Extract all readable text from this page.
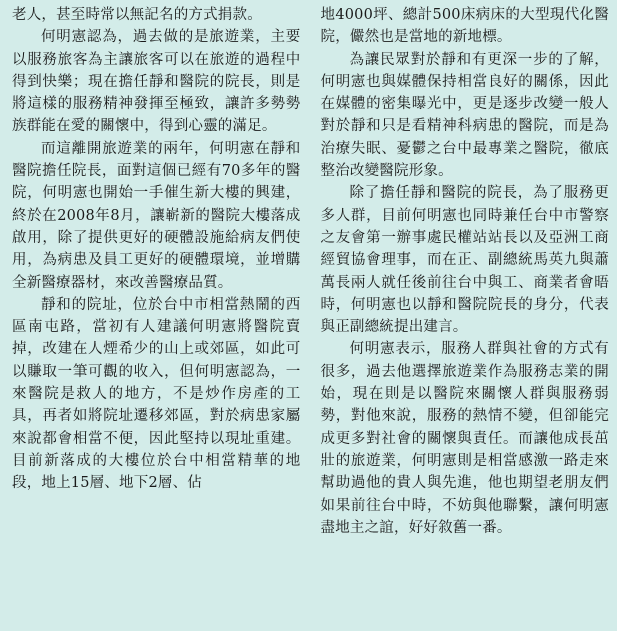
老人，甚至時常以無記名的方式捐款。

何明憲認為，過去做的是旅遊業，主要以服務旅客為主讓旅客可以在旅遊的過程中得到快樂；現在擔任靜和醫院的院長，則是將這樣的服務精神發揮至極致，讓許多勢勢族群能在愛的關懷中，得到心靈的滿足。

而這離開旅遊業的兩年，何明憲在靜和醫院擔任院長，面對這個已經有70多年的醫院，何明憲也開始一手催生新大樓的興建，終於在2008年8月，讓嶄新的醫院大樓落成啟用，除了提供更好的硬體設施給病友們使用，為病患及員工更好的硬體環境，並增購全新醫療器材，來改善醫療品質。

靜和的院址，位於台中市相當熱鬧的西區南屯路，當初有人建議何明憲將醫院賣掉，改建在人煙希少的山上或郊區，如此可以賺取一筆可觀的收入，但何明憲認為，一來醫院是救人的地方，不是炒作房產的工具，再者如將院址遷移郊區，對於病患家屬來說都會相當不便，因此堅持以現址重建。目前新落成的大樓位於台中相當精華的地段，地上15層、地下2層、佔

地4000坪、總計500床病床的大型現代化醫院，儼然也是當地的新地標。

為讓民眾對於靜和有更深一步的了解，何明憲也與媒體保持相當良好的關係，因此在媒體的密集曝光中，更是逐步改變一般人對於靜和只是看精神科病患的醫院，而是為治療失眠、憂鬱之台中最專業之醫院，徹底整治改變醫院形象。

除了擔任靜和醫院的院長，為了服務更多人群，目前何明憲也同時兼任台中市警察之友會第一辦事處民權站站長以及亞洲工商經貿協會理事，而在正、副總統馬英九與蕭萬長兩人就任後前往台中與工、商業者會晤時，何明憲也以靜和醫院院長的身分，代表與正副總統提出建言。

何明憲表示，服務人群與社會的方式有很多，過去他選擇旅遊業作為服務志業的開始，現在則是以醫院來關懷人群與服務弱勢，對他來說，服務的熱情不變，但卻能完成更多對社會的關懷與責任。而讓他成長茁壯的旅遊業，何明憲則是相當感激一路走來幫助過他的貴人與先進，他也期望老朋友們如果前往台中時，不妨與他聯繫，讓何明憲盡地主之誼，好好敘舊一番。
